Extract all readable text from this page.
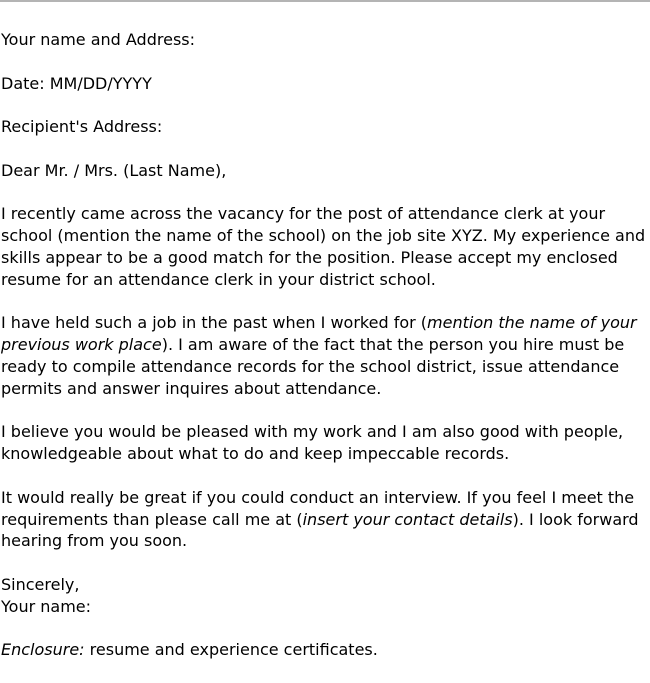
Your name and Address:

Date: MM/DD/YYYY

Recipient's Address:

Dear Mr. / Mrs. (Last Name),

I recently came across the vacancy for the post of attendance clerk at your school (mention the name of the school) on the job site XYZ. My experience and skills appear to be a good match for the position. Please accept my enclosed resume for an attendance clerk in your district school.

I have held such a job in the past when I worked for (mention the name of your previous work place). I am aware of the fact that the person you hire must be ready to compile attendance records for the school district, issue attendance permits and answer inquires about attendance.

I believe you would be pleased with my work and I am also good with people, knowledgeable about what to do and keep impeccable records.

It would really be great if you could conduct an interview. If you feel I meet the requirements than please call me at (insert your contact details). I look forward hearing from you soon.

Sincerely,
Your name:

Enclosure: resume and experience certificates.
